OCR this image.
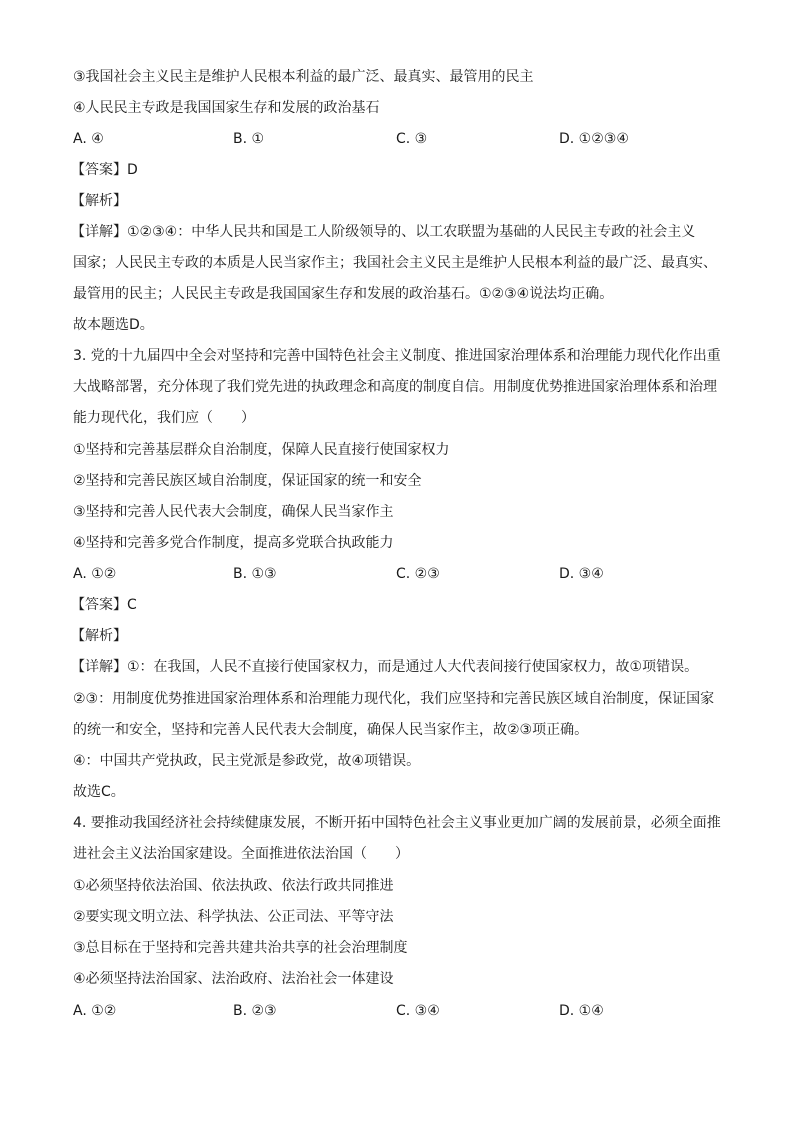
③我国社会主义民主是维护人民根本利益的最广泛、最真实、最管用的民主
④人民民主专政是我国国家生存和发展的政治基石
A. ④	B. ①	C. ③	D. ①②③④
【答案】D
【解析】
【详解】①②③④：中华人民共和国是工人阶级领导的、以工农联盟为基础的人民民主专政的社会主义
国家；人民民主专政的本质是人民当家作主；我国社会主义民主是维护人民根本利益的最广泛、最真实、
最管用的民主；人民民主专政是我国国家生存和发展的政治基石。①②③④说法均正确。
故本题选D。
3. 党的十九届四中全会对坚持和完善中国特色社会主义制度、推进国家治理体系和治理能力现代化作出重
大战略部署，充分体现了我们党先进的执政理念和高度的制度自信。用制度优势推进国家治理体系和治理
能力现代化，我们应（　　）
①坚持和完善基层群众自治制度，保障人民直接行使国家权力
②坚持和完善民族区域自治制度，保证国家的统一和安全
③坚持和完善人民代表大会制度，确保人民当家作主
④坚持和完善多党合作制度，提高多党联合执政能力
A. ①②	B. ①③	C. ②③	D. ③④
【答案】C
【解析】
【详解】①：在我国，人民不直接行使国家权力，而是通过人大代表间接行使国家权力，故①项错误。
②③：用制度优势推进国家治理体系和治理能力现代化，我们应坚持和完善民族区域自治制度，保证国家
的统一和安全，坚持和完善人民代表大会制度，确保人民当家作主，故②③项正确。
④：中国共产党执政，民主党派是参政党，故④项错误。
故选C。
4. 要推动我国经济社会持续健康发展，不断开拓中国特色社会主义事业更加广阔的发展前景，必须全面推
进社会主义法治国家建设。全面推进依法治国（　　）
①必须坚持依法治国、依法执政、依法行政共同推进
②要实现文明立法、科学执法、公正司法、平等守法
③总目标在于坚持和完善共建共治共享的社会治理制度
④必须坚持法治国家、法治政府、法治社会一体建设
A. ①②	B. ②③	C. ③④	D. ①④
